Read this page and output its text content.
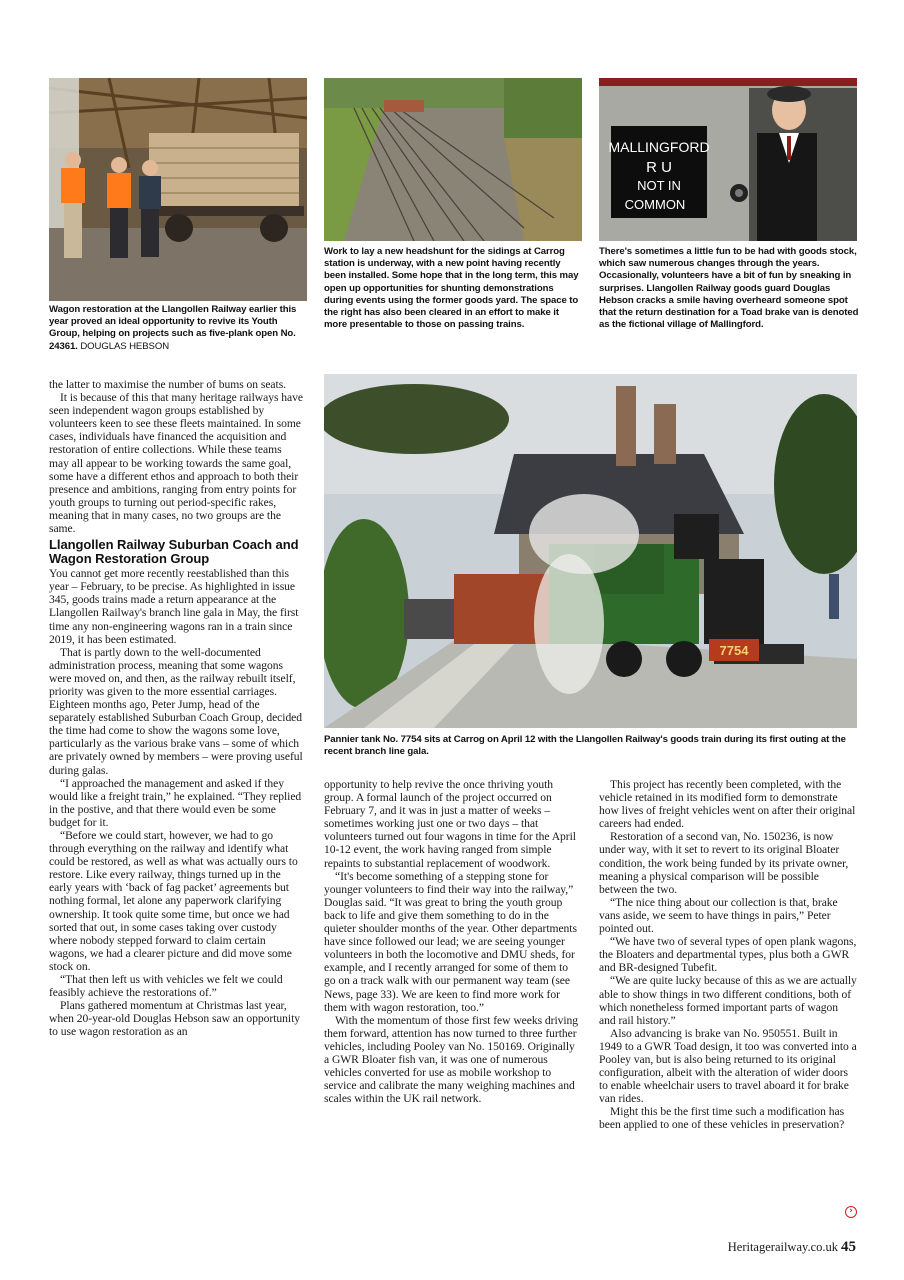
Wagon restoration at the Llangollen Railway earlier this year proved an ideal opportunity to revive its Youth Group, helping on projects such as five-plank open No. 24361. DOUGLAS HEBSON
Work to lay a new headshunt for the sidings at Carrog station is underway, with a new point having recently been installed. Some hope that in the long term, this may open up opportunities for shunting demonstrations during events using the former goods yard. The space to the right has also been cleared in an effort to make it more presentable to those on passing trains.
MALLINGFORD
R U
NOT IN
COMMON
There's sometimes a little fun to be had with goods stock, which saw numerous changes through the years. Occasionally, volunteers have a bit of fun by sneaking in surprises. Llangollen Railway goods guard Douglas Hebson cracks a smile having overheard someone spot that the return destination for a Toad brake van is denoted as the fictional village of Mallingford.
7754
Pannier tank No. 7754 sits at Carrog on April 12 with the Llangollen Railway's goods train during its first outing at the recent branch line gala.

the latter to maximise the number of bums on seats.

It is because of this that many heritage railways have seen independent wagon groups established by volunteers keen to see these fleets maintained. In some cases, individuals have financed the acquisition and restoration of entire collections. While these teams may all appear to be working towards the same goal, some have a different ethos and approach to both their presence and ambitions, ranging from entry points for youth groups to turning out period-specific rakes, meaning that in many cases, no two groups are the same.

Llangollen Railway Suburban Coach and Wagon Restoration Group

You cannot get more recently reestablished than this year – February, to be precise. As highlighted in issue 345, goods trains made a return appearance at the Llangollen Railway's branch line gala in May, the first time any non-engineering wagons ran in a train since 2019, it has been estimated.

That is partly down to the well-documented administration process, meaning that some wagons were moved on, and then, as the railway rebuilt itself, priority was given to the more essential carriages. Eighteen months ago, Peter Jump, head of the separately established Suburban Coach Group, decided the time had come to show the wagons some love, particularly as the various brake vans – some of which are privately owned by members – were proving useful during galas.

“I approached the management and asked if they would like a freight train,” he explained. “They replied in the postive, and that there would even be some budget for it.

“Before we could start, however, we had to go through everything on the railway and identify what could be restored, as well as what was actually ours to restore. Like every railway, things turned up in the early years with ‘back of fag packet’ agreements but nothing formal, let alone any paperwork clarifying ownership. It took quite some time, but once we had sorted that out, in some cases taking over custody where nobody stepped forward to claim certain wagons, we had a clearer picture and did move some stock on.

“That then left us with vehicles we felt we could feasibly achieve the restorations of.”

Plans gathered momentum at Christmas last year, when 20-year-old Douglas Hebson saw an opportunity to use wagon restoration as an

opportunity to help revive the once thriving youth group. A formal launch of the project occurred on February 7, and it was in just a matter of weeks – sometimes working just one or two days – that volunteers turned out four wagons in time for the April 10-12 event, the work having ranged from simple repaints to substantial replacement of woodwork.

“It's become something of a stepping stone for younger volunteers to find their way into the railway,” Douglas said. “It was great to bring the youth group back to life and give them something to do in the quieter shoulder months of the year. Other departments have since followed our lead; we are seeing younger volunteers in both the locomotive and DMU sheds, for example, and I recently arranged for some of them to go on a track walk with our permanent way team (see News, page 33). We are keen to find more work for them with wagon restoration, too.”

With the momentum of those first few weeks driving them forward, attention has now turned to three further vehicles, including Pooley van No. 150169. Originally a GWR Bloater fish van, it was one of numerous vehicles converted for use as mobile workshop to service and calibrate the many weighing machines and scales within the UK rail network.

This project has recently been completed, with the vehicle retained in its modified form to demonstrate how lives of freight vehicles went on after their original careers had ended.

Restoration of a second van, No. 150236, is now under way, with it set to revert to its original Bloater condition, the work being funded by its private owner, meaning a physical comparison will be possible between the two.

“The nice thing about our collection is that, brake vans aside, we seem to have things in pairs,” Peter pointed out.

“We have two of several types of open plank wagons, the Bloaters and departmental types, plus both a GWR and BR-designed Tubefit.

“We are quite lucky because of this as we are actually able to show things in two different conditions, both of which nonetheless formed important parts of wagon and rail history.”

Also advancing is brake van No. 950551. Built in 1949 to a GWR Toad design, it too was converted into a Pooley van, but is also being returned to its original configuration, albeit with the alteration of wider doors to enable wheelchair users to travel aboard it for brake van rides.

Might this be the first time such a modification has been applied to one of these vehicles in preservation?

›
Heritagerailway.co.uk 45
